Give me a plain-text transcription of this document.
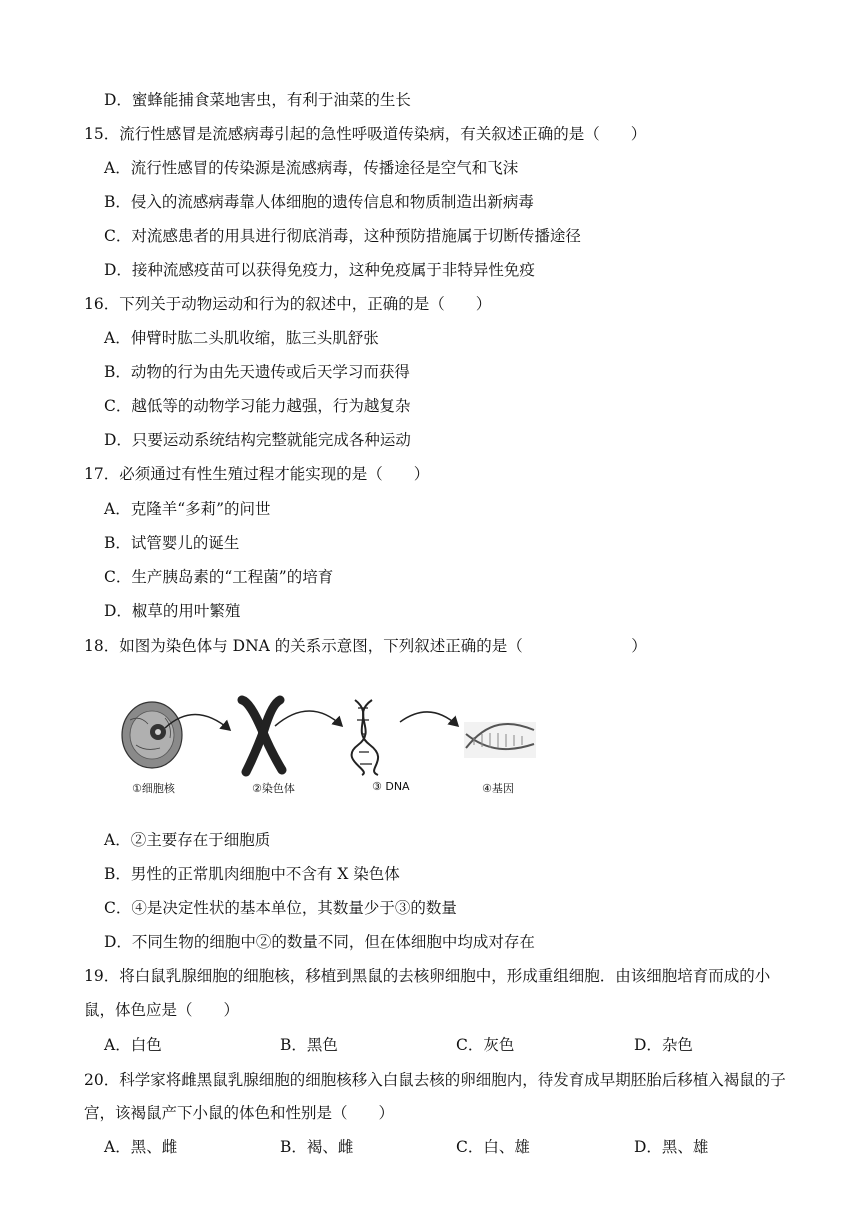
D．蜜蜂能捕食菜地害虫，有利于油菜的生长
15．流行性感冒是流感病毒引起的急性呼吸道传染病，有关叙述正确的是（　　）
A．流行性感冒的传染源是流感病毒，传播途径是空气和飞沫
B．侵入的流感病毒靠人体细胞的遗传信息和物质制造出新病毒
C．对流感患者的用具进行彻底消毒，这种预防措施属于切断传播途径
D．接种流感疫苗可以获得免疫力，这种免疫属于非特异性免疫
16．下列关于动物运动和行为的叙述中，正确的是（　　）
A．伸臂时肱二头肌收缩，肱三头肌舒张
B．动物的行为由先天遗传或后天学习而获得
C．越低等的动物学习能力越强，行为越复杂
D．只要运动系统结构完整就能完成各种运动
17．必须通过有性生殖过程才能实现的是（　　）
A．克隆羊“多莉”的问世
B．试管婴儿的诞生
C．生产胰岛素的“工程菌”的培育
D．椒草的用叶繁殖
18．如图为染色体与 DNA 的关系示意图，下列叙述正确的是（　　　　　　　）
①细胞核	②染色体	③ DNA	④基因
A．②主要存在于细胞质
B．男性的正常肌肉细胞中不含有 X 染色体
C．④是决定性状的基本单位，其数量少于③的数量
D．不同生物的细胞中②的数量不同，但在体细胞中均成对存在
19．将白鼠乳腺细胞的细胞核，移植到黑鼠的去核卵细胞中，形成重组细胞．由该细胞培育而成的小
鼠，体色应是（　　）
A．白色	B．黑色	C．灰色	D．杂色
20．科学家将雌黑鼠乳腺细胞的细胞核移入白鼠去核的卵细胞内，待发育成早期胚胎后移植入褐鼠的子
宫，该褐鼠产下小鼠的体色和性别是（　　）
A．黑、雌	B．褐、雌	C．白、雄	D．黑、雄
